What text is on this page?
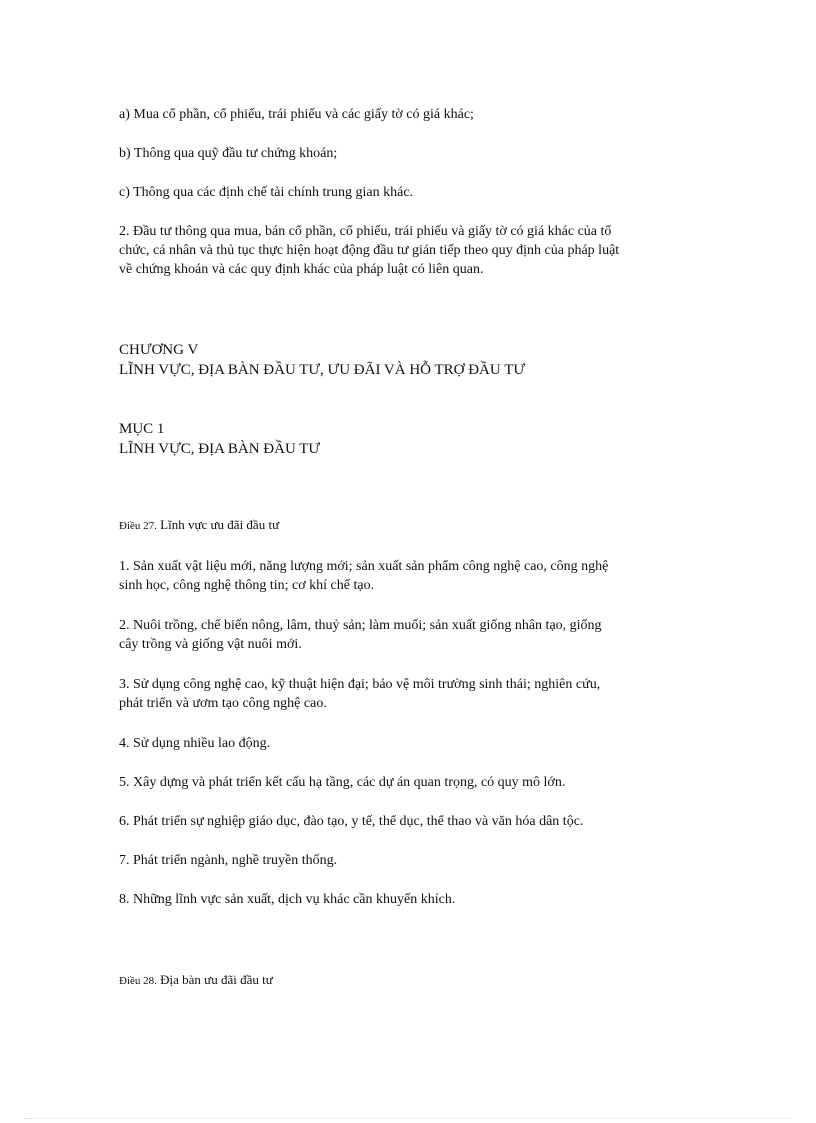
a) Mua cổ phần, cổ phiếu, trái phiếu và các giấy tờ có giá khác;

b) Thông qua quỹ đầu tư chứng khoán;

c) Thông qua các định chế tài chính trung gian khác.

2. Đầu tư thông qua mua, bán cổ phần, cổ phiếu, trái phiếu và giấy tờ có giá khác của tổ
chức, cá nhân và thủ tục thực hiện hoạt động đầu tư gián tiếp theo quy định của pháp luật
về chứng khoán và các quy định khác của pháp luật có liên quan.

CHƯƠNG V

LĨNH VỰC, ĐỊA BÀN ĐẦU TƯ, ƯU ĐÃI VÀ HỖ TRỢ ĐẦU TƯ

MỤC 1

LĨNH VỰC, ĐỊA BÀN ĐẦU TƯ

Điều 27. Lĩnh vực ưu đãi đầu tư

1. Sản xuất vật liệu mới, năng lượng mới; sản xuất sản phẩm công nghệ cao, công nghệ
sinh học, công nghệ thông tin; cơ khí chế tạo.

2. Nuôi trồng, chế biến nông, lâm, thuỷ sản; làm muối; sản xuất giống nhân tạo, giống
cây trồng và giống vật nuôi mới.

3. Sử dụng công nghệ cao, kỹ thuật hiện đại; bảo vệ môi trường sinh thái; nghiên cứu,
phát triển và ươm tạo công nghệ cao.

4. Sử dụng nhiều lao động.

5. Xây dựng và phát triển kết cấu hạ tầng, các dự án quan trọng, có quy mô lớn.

6. Phát triển sự nghiệp giáo dục, đào tạo, y tế, thể dục, thể thao và văn hóa dân tộc.

7. Phát triển ngành, nghề truyền thống.

8. Những lĩnh vực sản xuất, dịch vụ khác cần khuyến khích.

Điều 28. Địa bàn ưu đãi đầu tư
